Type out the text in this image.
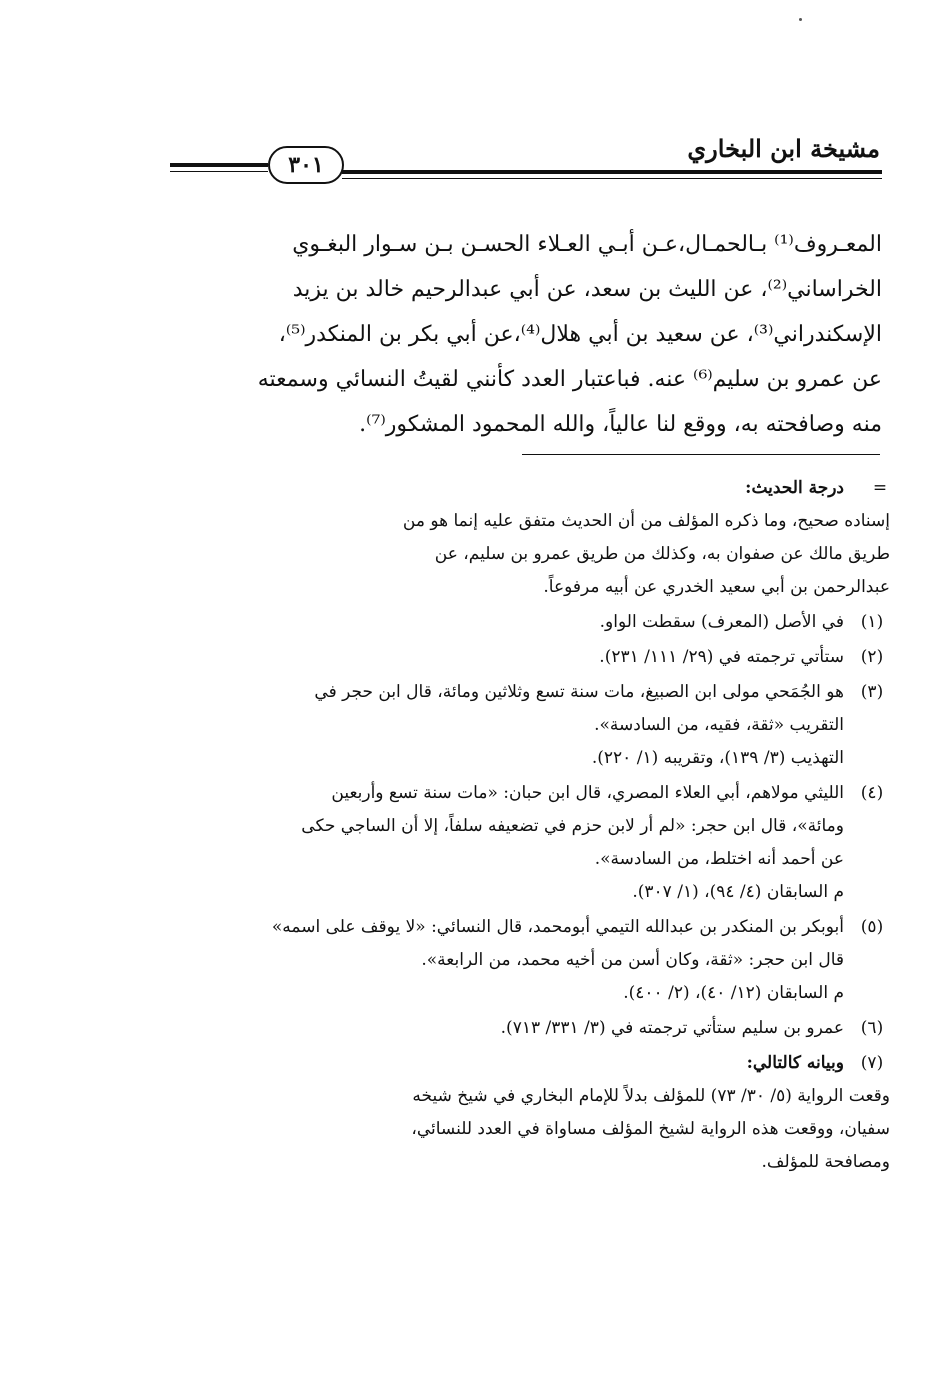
مشيخة ابن البخاري
٣٠١
المعـروف⁽¹⁾ بـالحمـال،عـن أبـي العـلاء الحسـن بـن سـوار البغـوي
الخراساني⁽²⁾، عن الليث بن سعد، عن أبي عبدالرحيم خالد بن يزيد
الإسكندراني⁽³⁾، عن سعيد بن أبي هلال⁽⁴⁾،عن أبي بكر بن المنكدر⁽⁵⁾،
عن عمرو بن سليم⁽⁶⁾ عنه. فباعتبار العدد كأنني لقيتُ النسائي وسمعته
منه وصافحته به، ووقع لنا عالياً، والله المحمود المشكور⁽⁷⁾.
=
درجة الحديث:
إسناده صحيح، وما ذكره المؤلف من أن الحديث متفق عليه إنما هو من
طريق مالك عن صفوان به، وكذلك من طريق عمرو بن سليم، عن
عبدالرحمن بن أبي سعيد الخدري عن أبيه مرفوعاً.
(١)
في الأصل (المعرف) سقطت الواو.
(٢)
ستأتي ترجمته في (٢٩/ ١١١/ ٢٣١).
(٣)
هو الجُمَحي مولى ابن الصبيغ، مات سنة تسع وثلاثين ومائة، قال ابن حجر في
التقريب «ثقة، فقيه، من السادسة».
التهذيب (٣/ ١٣٩)، وتقريبه (١/ ٢٢٠).
(٤)
الليثي مولاهم، أبي العلاء المصري، قال ابن حبان: «مات سنة تسع وأربعين
ومائة»، قال ابن حجر: «لم أر لابن حزم في تضعيفه سلفاً، إلا أن الساجي حكى
عن أحمد أنه اختلط، من السادسة».
م السابقان (٤/ ٩٤)، (١/ ٣٠٧).
(٥)
أبوبكر بن المنكدر بن عبدالله التيمي أبومحمد، قال النسائي: «لا يوقف على اسمه»
قال ابن حجر: «ثقة، وكان أسن من أخيه محمد، من الرابعة».
م السابقان (١٢/ ٤٠)، (٢/ ٤٠٠).
(٦)
عمرو بن سليم ستأتي ترجمته في (٣/ ٣٣١/ ٧١٣).
(٧)
وبيانه كالتالي:
وقعت الرواية (٥/ ٣٠/ ٧٣) للمؤلف بدلاً للإمام البخاري في شيخ شيخه
سفيان، ووقعت هذه الرواية لشيخ المؤلف مساواة في العدد للنسائي،
ومصافحة للمؤلف.
